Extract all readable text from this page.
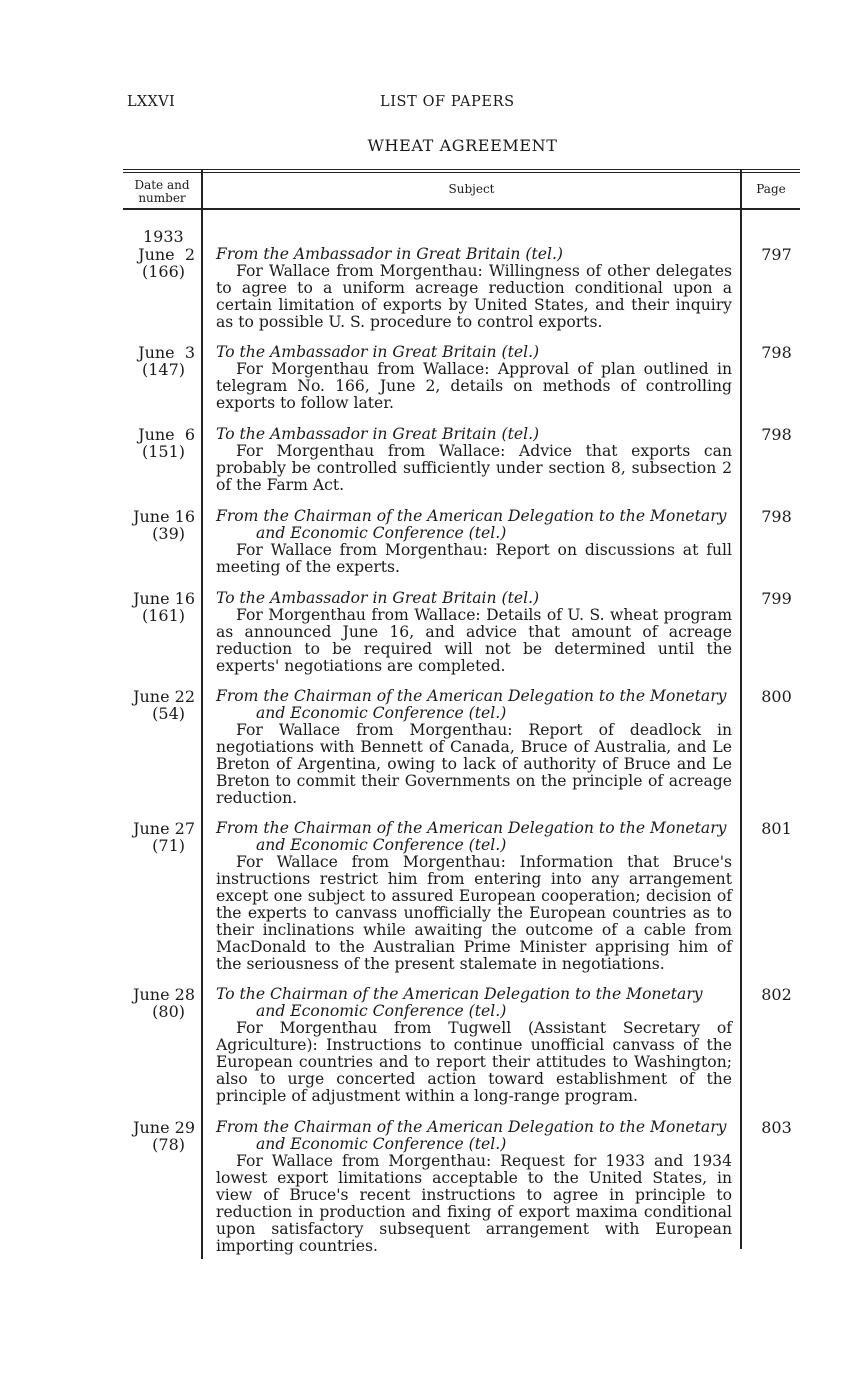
LXXVI	LIST OF PAPERS
WHEAT AGREEMENT
Date and
number
Subject	Page
1933
June  2
(166)
From the Ambassador in Great Britain (tel.)
For Wallace from Morgenthau: Willingness of other delegates to agree to a uniform acreage reduction conditional upon a certain limitation of exports by United States, and their inquiry as to possible U. S. procedure to control exports.
797
June  3
(147)
To the Ambassador in Great Britain (tel.)
For Morgenthau from Wallace: Approval of plan outlined in telegram No. 166, June 2, details on methods of controlling exports to follow later.
798
June  6
(151)
To the Ambassador in Great Britain (tel.)
For Morgenthau from Wallace: Advice that exports can probably be controlled sufficiently under section 8, subsection 2 of the Farm Act.
798
June 16
(39)
From the Chairman of the American Delegation to the Monetary and Economic Conference (tel.)
For Wallace from Morgenthau: Report on discussions at full meeting of the experts.
798
June 16
(161)
To the Ambassador in Great Britain (tel.)
For Morgenthau from Wallace: Details of U. S. wheat program as announced June 16, and advice that amount of acreage reduction to be required will not be determined until the experts' negotiations are completed.
799
June 22
(54)
From the Chairman of the American Delegation to the Monetary and Economic Conference (tel.)
For Wallace from Morgenthau: Report of deadlock in negotiations with Bennett of Canada, Bruce of Australia, and Le Breton of Argentina, owing to lack of authority of Bruce and Le Breton to commit their Governments on the principle of acreage reduction.
800
June 27
(71)
From the Chairman of the American Delegation to the Monetary and Economic Conference (tel.)
For Wallace from Morgenthau: Information that Bruce's instructions restrict him from entering into any arrangement except one subject to assured European cooperation; decision of the experts to canvass unofficially the European countries as to their inclinations while awaiting the outcome of a cable from MacDonald to the Australian Prime Minister apprising him of the seriousness of the present stalemate in negotiations.
801
June 28
(80)
To the Chairman of the American Delegation to the Monetary and Economic Conference (tel.)
For Morgenthau from Tugwell (Assistant Secretary of Agriculture): Instructions to continue unofficial canvass of the European countries and to report their attitudes to Washington; also to urge concerted action toward establishment of the principle of adjustment within a long-range program.
802
June 29
(78)
From the Chairman of the American Delegation to the Monetary and Economic Conference (tel.)
For Wallace from Morgenthau: Request for 1933 and 1934 lowest export limitations acceptable to the United States, in view of Bruce's recent instructions to agree in principle to reduction in production and fixing of export maxima conditional upon satisfactory subsequent arrangement with European importing countries.
803
